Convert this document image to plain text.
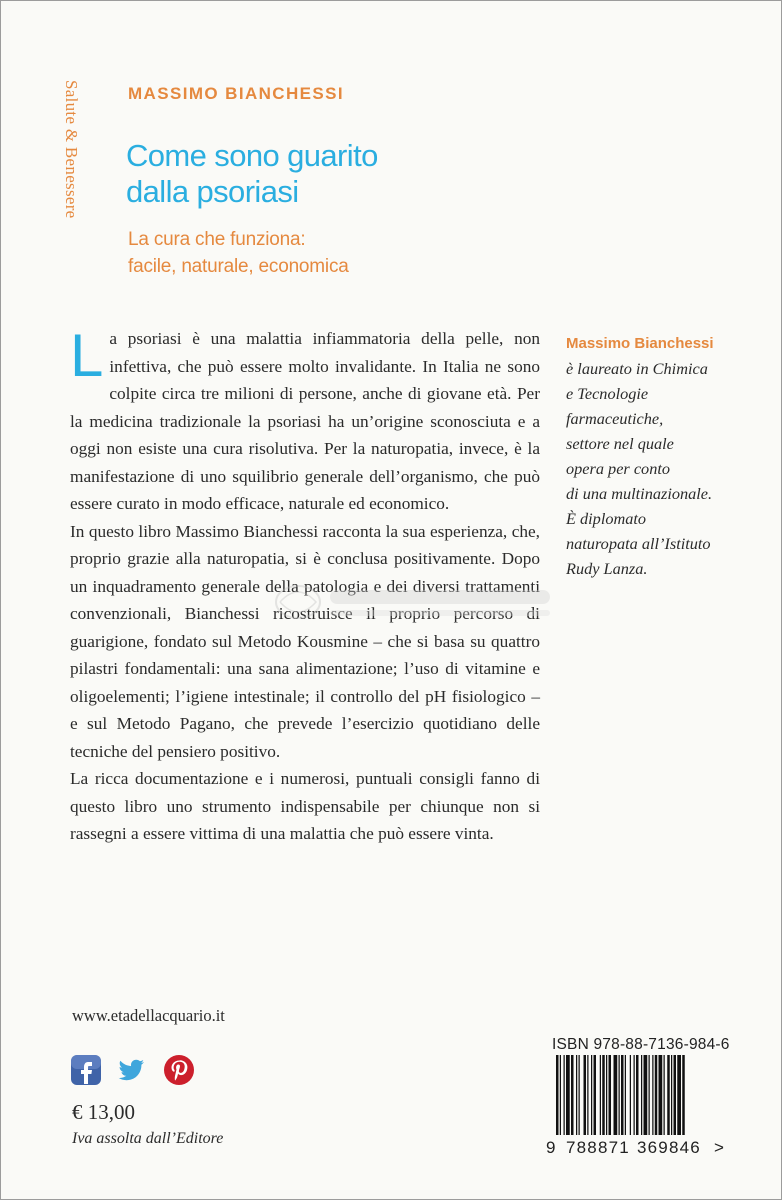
Salute & Benessere	MASSIMO BIANCHESSI
Come sono guarito
dalla psoriasi
La cura che funziona:
facile, naturale, economica

La psoriasi è una malattia infiammatoria della pelle, non infettiva, che può essere molto invalidante. In Italia ne sono colpite circa tre milioni di persone, anche di giovane età. Per la medicina tradizionale la psoriasi ha un’origine sconosciuta e a oggi non esiste una cura risolutiva. Per la naturopatia, invece, è la manifestazione di uno squilibrio generale dell’organismo, che può essere curato in modo efficace, naturale ed economico.

In questo libro Massimo Bianchessi racconta la sua esperienza, che, proprio grazie alla naturopatia, si è conclusa positivamente. Dopo un inquadramento generale della patologia e dei diversi trattamenti convenzionali, Bianchessi ricostruisce il proprio percorso di guarigione, fondato sul Metodo Kousmine – che si basa su quattro pilastri fondamentali: una sana alimentazione; l’uso di vitamine e oligoelementi; l’igiene intestinale; il controllo del pH fisiologico – e sul Metodo Pagano, che prevede l’esercizio quotidiano delle tecniche del pensiero positivo.

La ricca documentazione e i numerosi, puntuali consigli fanno di questo libro uno strumento indispensabile per chiunque non si rassegni a essere vittima di una malattia che può essere vinta.

Massimo Bianchessi
è laureato in Chimica
e Tecnologie
farmaceutiche,
settore nel quale
opera per conto
di una multinazionale.
È diplomato
naturopata all’Istituto
Rudy Lanza.
www.etadellacquario.it
€ 13,00
Iva assolta dall’Editore
ISBN 978-88-7136-984-6
9 788871 369846 >
